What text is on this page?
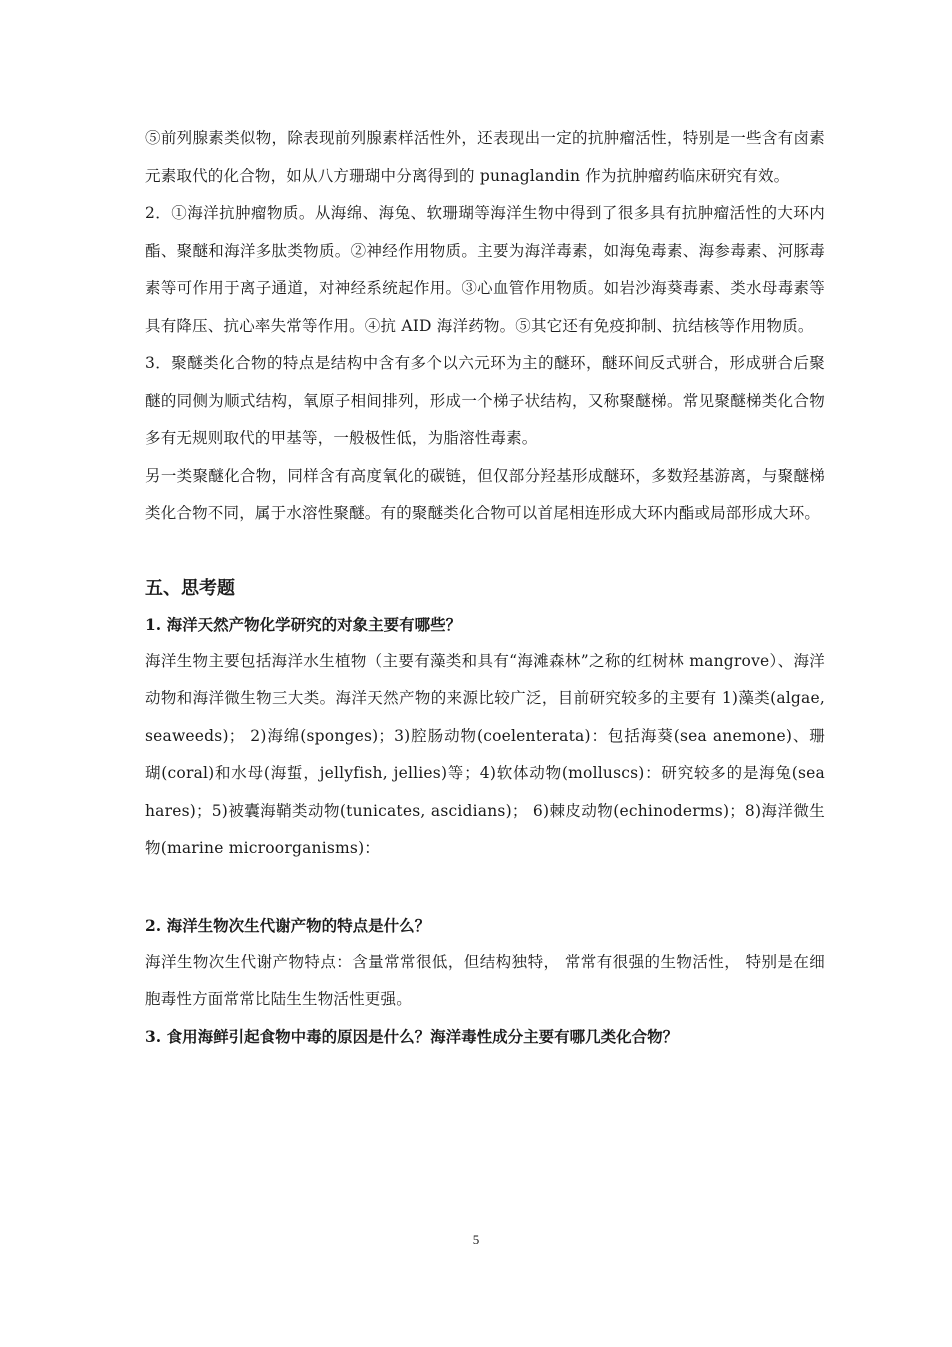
⑤前列腺素类似物，除表现前列腺素样活性外，还表现出一定的抗肿瘤活性，特别是一些含有卤素元素取代的化合物，如从八方珊瑚中分离得到的 punaglandin 作为抗肿瘤药临床研究有效。

2．①海洋抗肿瘤物质。从海绵、海兔、软珊瑚等海洋生物中得到了很多具有抗肿瘤活性的大环内酯、聚醚和海洋多肽类物质。②神经作用物质。主要为海洋毒素，如海兔毒素、海参毒素、河豚毒素等可作用于离子通道，对神经系统起作用。③心血管作用物质。如岩沙海葵毒素、类水母毒素等具有降压、抗心率失常等作用。④抗 AID 海洋药物。⑤其它还有免疫抑制、抗结核等作用物质。

3．聚醚类化合物的特点是结构中含有多个以六元环为主的醚环，醚环间反式骈合，形成骈合后聚醚的同侧为顺式结构，氧原子相间排列，形成一个梯子状结构，又称聚醚梯。常见聚醚梯类化合物多有无规则取代的甲基等，一般极性低，为脂溶性毒素。

另一类聚醚化合物，同样含有高度氧化的碳链，但仅部分羟基形成醚环，多数羟基游离，与聚醚梯类化合物不同，属于水溶性聚醚。有的聚醚类化合物可以首尾相连形成大环内酯或局部形成大环。

五、思考题
1. 海洋天然产物化学研究的对象主要有哪些？

海洋生物主要包括海洋水生植物（主要有藻类和具有“海滩森林”之称的红树林 mangrove）、海洋动物和海洋微生物三大类。海洋天然产物的来源比较广泛，目前研究较多的主要有 1)藻类(algae, seaweeds)； 2)海绵(sponges)；3)腔肠动物(coelenterata)：包括海葵(sea anemone)、珊瑚(coral)和水母(海蜇，jellyfish, jellies)等；4)软体动物(molluscs)：研究较多的是海兔(sea hares)；5)被囊海鞘类动物(tunicates, ascidians)； 6)棘皮动物(echinoderms)；8)海洋微生物(marine microorganisms)：

2. 海洋生物次生代谢产物的特点是什么？

海洋生物次生代谢产物特点：含量常常很低，但结构独特， 常常有很强的生物活性， 特别是在细胞毒性方面常常比陆生生物活性更强。

3. 食用海鲜引起食物中毒的原因是什么？海洋毒性成分主要有哪几类化合物？
5
